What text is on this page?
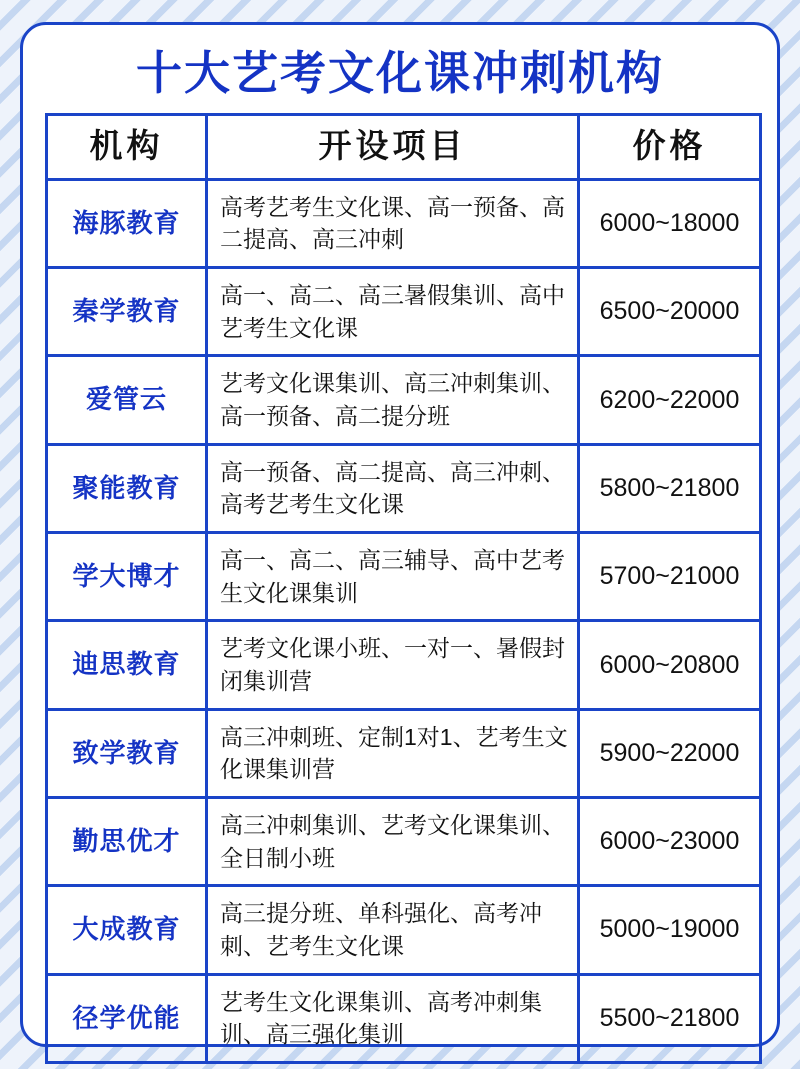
十大艺考文化课冲刺机构
机构	开设项目	价格
海豚教育	高考艺考生文化课、高一预备、高二提高、高三冲刺	6000~18000
秦学教育	高一、高二、高三暑假集训、高中艺考生文化课	6500~20000
爱管云	艺考文化课集训、高三冲刺集训、高一预备、高二提分班	6200~22000
聚能教育	高一预备、高二提高、高三冲刺、高考艺考生文化课	5800~21800
学大博才	高一、高二、高三辅导、高中艺考生文化课集训	5700~21000
迪思教育	艺考文化课小班、一对一、暑假封闭集训营	6000~20800
致学教育	高三冲刺班、定制1对1、艺考生文化课集训营	5900~22000
勤思优才	高三冲刺集训、艺考文化课集训、全日制小班	6000~23000
大成教育	高三提分班、单科强化、高考冲刺、艺考生文化课	5000~19000
径学优能	艺考生文化课集训、高考冲刺集训、高三强化集训	5500~21800
